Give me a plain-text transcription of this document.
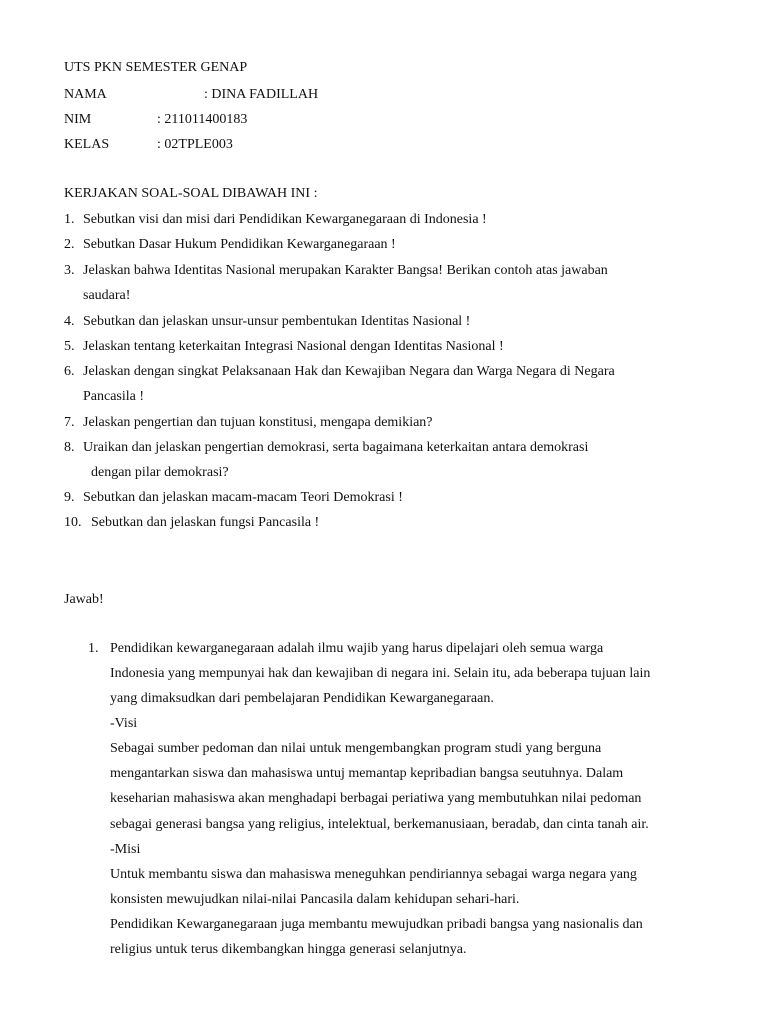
UTS PKN SEMESTER GENAP
NAMA	: DINA FADILLAH
NIM	: 211011400183
KELAS	: 02TPLE003
KERJAKAN SOAL-SOAL DIBAWAH INI :
1. Sebutkan visi dan misi dari Pendidikan Kewarganegaraan di Indonesia !
2. Sebutkan Dasar Hukum Pendidikan Kewarganegaraan !
3. Jelaskan bahwa Identitas Nasional merupakan Karakter Bangsa! Berikan contoh atas jawaban
saudara!
4. Sebutkan dan jelaskan unsur-unsur pembentukan Identitas Nasional !
5. Jelaskan tentang keterkaitan Integrasi Nasional dengan Identitas Nasional !
6. Jelaskan dengan singkat Pelaksanaan Hak dan Kewajiban Negara dan Warga Negara di Negara
Pancasila !
7. Jelaskan pengertian dan tujuan konstitusi, mengapa demikian?
8. Uraikan dan jelaskan pengertian demokrasi, serta bagaimana keterkaitan antara demokrasi
dengan pilar demokrasi?
9. Sebutkan dan jelaskan macam-macam Teori Demokrasi !
10. Sebutkan dan jelaskan fungsi Pancasila !
Jawab!
1. Pendidikan kewarganegaraan adalah ilmu wajib yang harus dipelajari oleh semua warga
Indonesia yang mempunyai hak dan kewajiban di negara ini. Selain itu, ada beberapa tujuan lain
yang dimaksudkan dari pembelajaran Pendidikan Kewarganegaraan.
-Visi
Sebagai sumber pedoman dan nilai untuk mengembangkan program studi yang berguna
mengantarkan siswa dan mahasiswa untuj memantap kepribadian bangsa seutuhnya. Dalam
keseharian mahasiswa akan menghadapi berbagai periatiwa yang membutuhkan nilai pedoman
sebagai generasi bangsa yang religius, intelektual, berkemanusiaan, beradab, dan cinta tanah air.
-Misi
Untuk membantu siswa dan mahasiswa meneguhkan pendiriannya sebagai warga negara yang
konsisten mewujudkan nilai-nilai Pancasila dalam kehidupan sehari-hari.
Pendidikan Kewarganegaraan juga membantu mewujudkan pribadi bangsa yang nasionalis dan
religius untuk terus dikembangkan hingga generasi selanjutnya.
